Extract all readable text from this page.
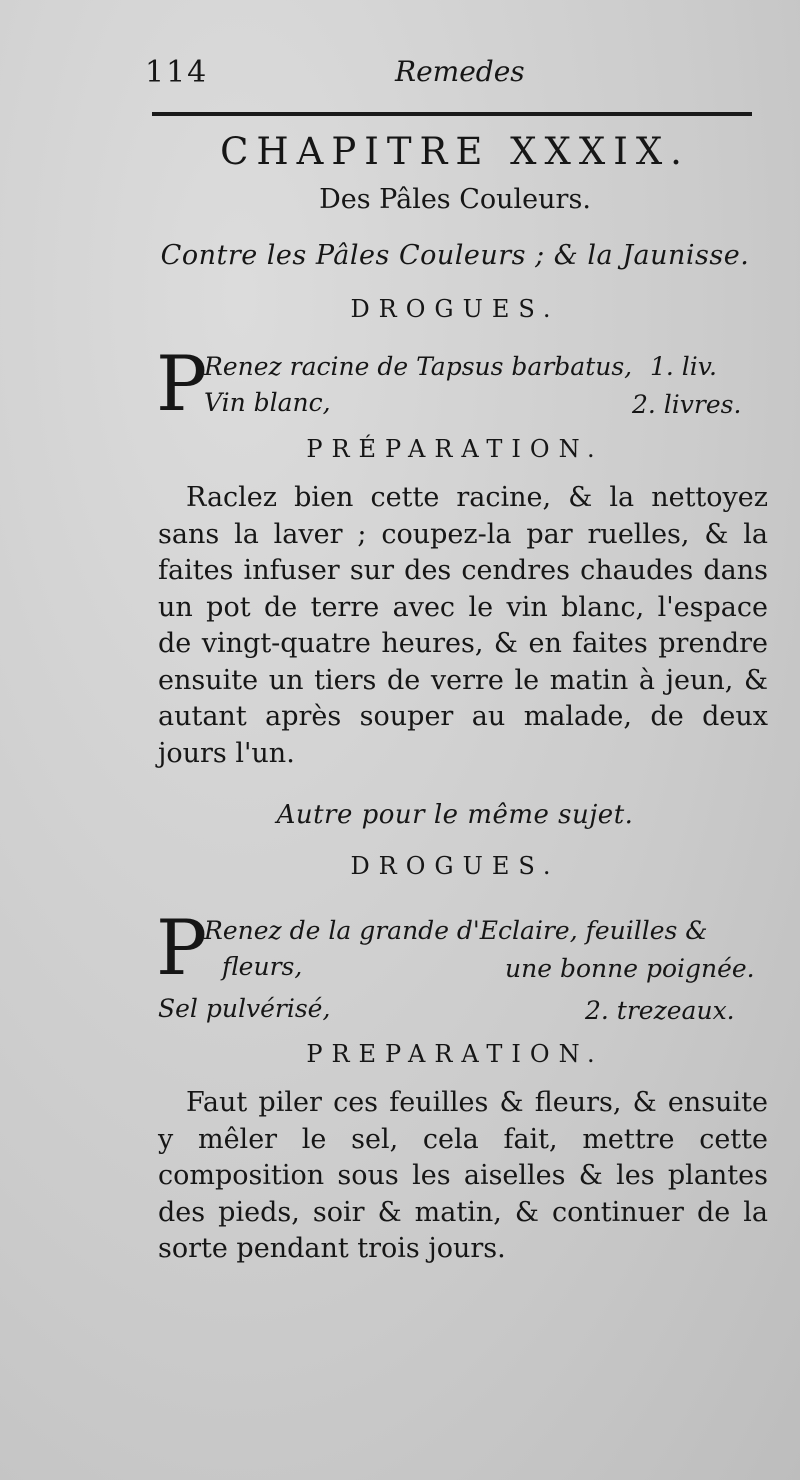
114	Remedes
CHAPITRE XXXIX.
Des Pâles Couleurs.
Contre les Pâles Couleurs ; & la Jaunisse.
DROGUES.
P
Renez racine de Tapsus barbatus, 1. liv.
Vin blanc,	2. livres.
PRÉPARATION.
Raclez bien cette racine, & la nettoyez sans la laver ; coupez-la par ruelles, & la faites infuser sur des cendres chaudes dans un pot de terre avec le vin blanc, l'espace de vingt-quatre heures, & en faites prendre ensuite un tiers de verre le matin à jeun, & autant après souper au malade, de deux jours l'un.
Autre pour le même sujet.
DROGUES.
P
Renez de la grande d'Eclaire, feuilles &
fleurs,	une bonne poignée.
Sel pulvérisé,	2. trezeaux.
PREPARATION.
Faut piler ces feuilles & fleurs, & ensuite y mêler le sel, cela fait, mettre cette composition sous les aiselles & les plantes des pieds, soir & matin, & continuer de la sorte pendant trois jours.
